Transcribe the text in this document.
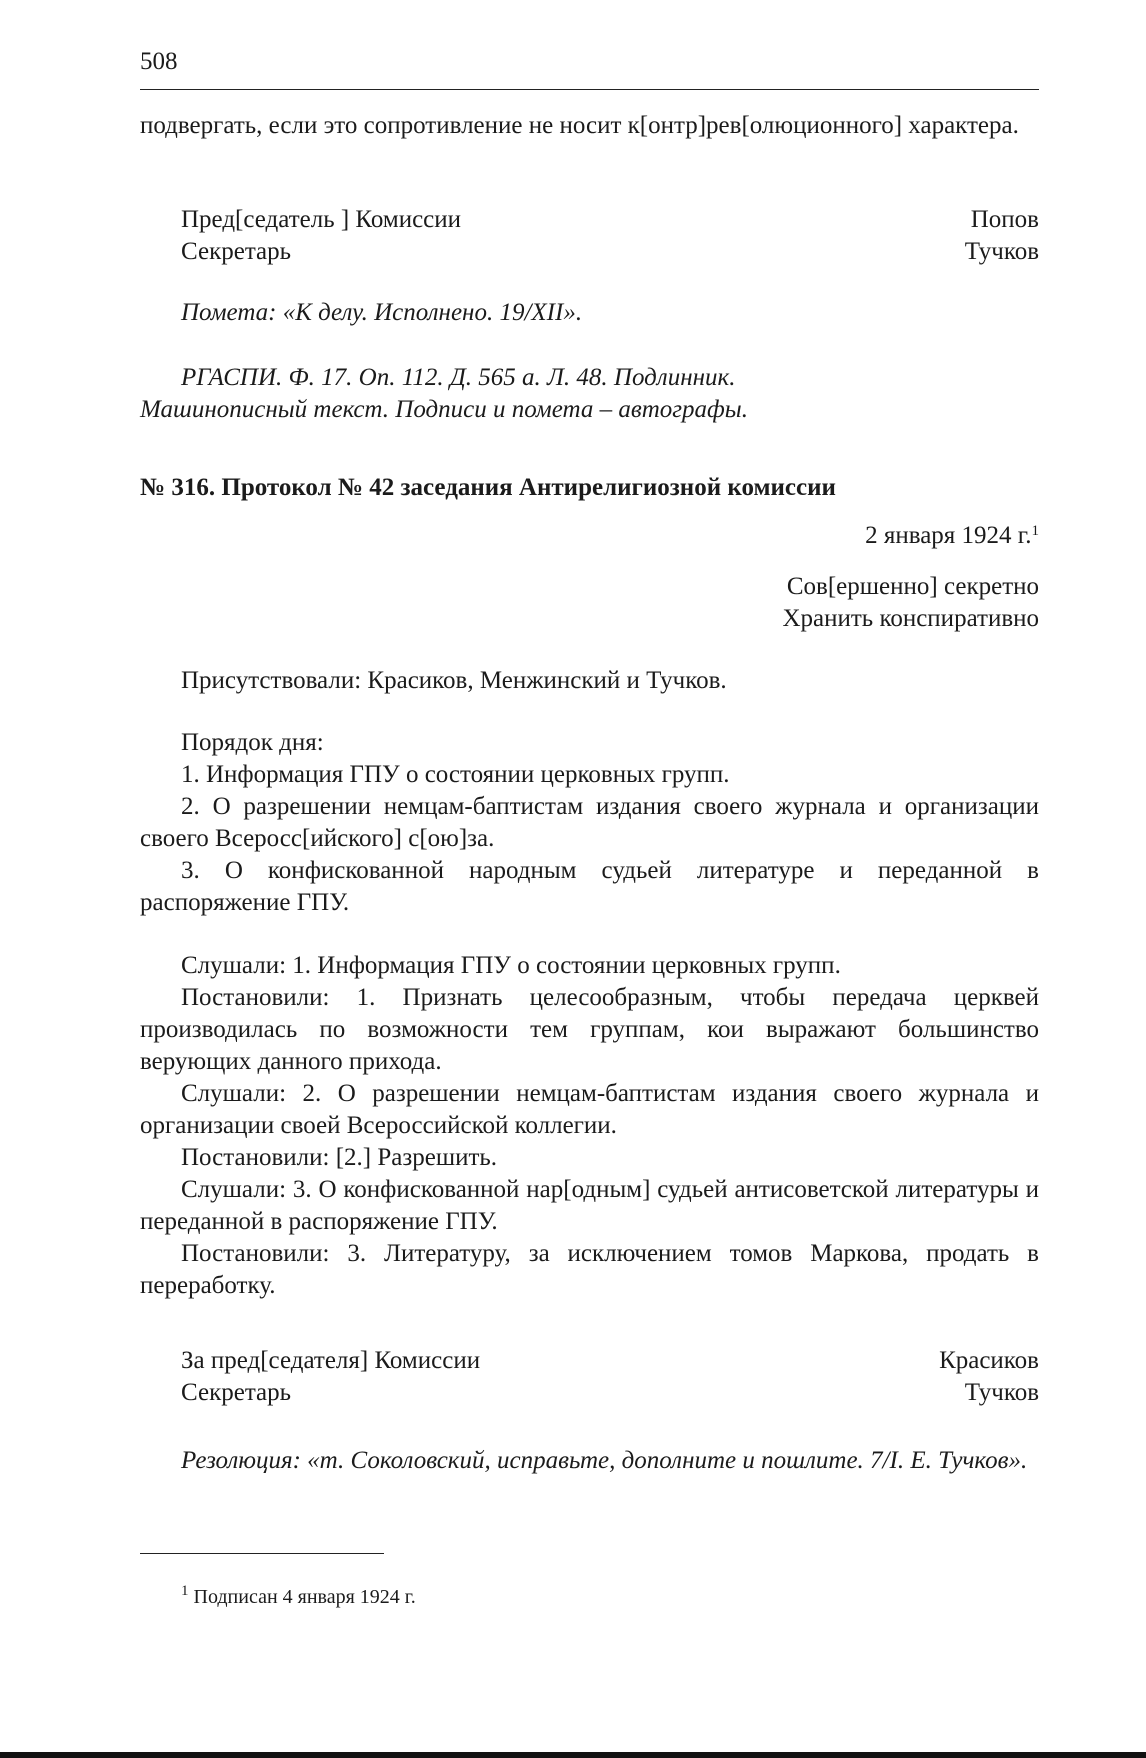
508
подвергать, если это сопротивление не носит к[онтр]рев[олюционного] характера.
Пред[седатель ] Комиссии	Попов
Секретарь	Тучков
Помета: «К делу. Исполнено. 19/XII».
РГАСПИ. Ф. 17. Оп. 112. Д. 565 а. Л. 48. Подлинник.
Машинописный текст. Подписи и помета – автографы.
№ 316. Протокол № 42 заседания Антирелигиозной комиссии
2 января 1924 г.$^1$
Сов[ершенно] секретно
Хранить конспиративно
Присутствовали: Красиков, Менжинский и Тучков.
Порядок дня:
1. Информация ГПУ о состоянии церковных групп.
2. О разрешении немцам-баптистам издания своего журнала и организации своего Всеросс[ийского] с[ою]за.
3. О конфискованной народным судьей литературе и переданной в распоряжение ГПУ.
Слушали: 1. Информация ГПУ о состоянии церковных групп.
Постановили: 1. Признать целесообразным, чтобы передача церквей производилась по возможности тем группам, кои выражают большинство верующих данного прихода.
Слушали: 2. О разрешении немцам-баптистам издания своего журнала и организации своей Всероссийской коллегии.
Постановили: [2.] Разрешить.
Слушали: 3. О конфискованной нар[одным] судьей антисоветской литературы и переданной в распоряжение ГПУ.
Постановили: 3. Литературу, за исключением томов Маркова, продать в переработку.
За пред[седателя] Комиссии	Красиков
Секретарь	Тучков
Резолюция: «т. Соколовский, исправьте, дополните и пошлите. 7/I. Е. Тучков».
$^1$ Подписан 4 января 1924 г.
